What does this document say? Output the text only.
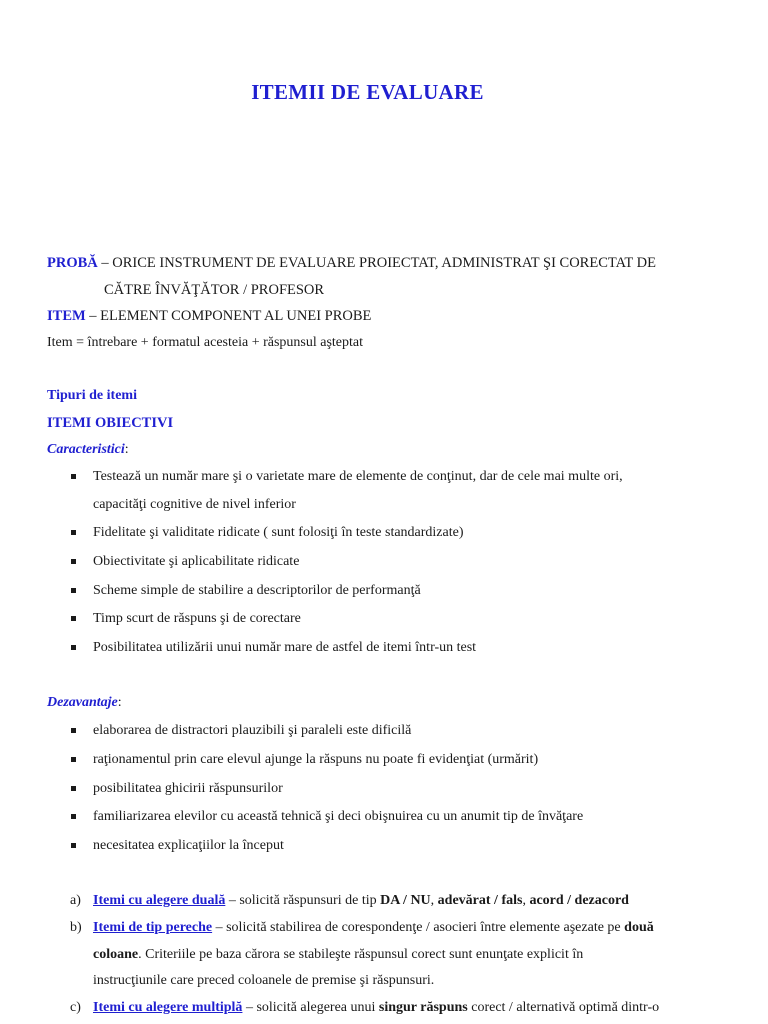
ITEMII DE EVALUARE
PROBĂ – ORICE INSTRUMENT DE EVALUARE PROIECTAT, ADMINISTRAT ŞI CORECTAT DE
CĂTRE ÎNVĂŢĂTOR / PROFESOR
ITEM – ELEMENT COMPONENT AL UNEI PROBE
Item = întrebare + formatul acesteia + răspunsul aşteptat
Tipuri de itemi
ITEMI OBIECTIVI
Caracteristici:
Testează un număr mare şi o varietate mare de elemente de conţinut, dar de cele mai multe ori,
capacităţi cognitive de nivel inferior
Fidelitate şi validitate ridicate ( sunt folosiţi în teste standardizate)
Obiectivitate şi aplicabilitate ridicate
Scheme simple de stabilire a descriptorilor de performanţă
Timp scurt de răspuns şi de corectare
Posibilitatea utilizării unui număr mare de astfel de itemi într-un test
Dezavantaje:
elaborarea de distractori plauzibili şi paraleli este dificilă
raţionamentul prin care elevul ajunge la răspuns nu poate fi evidenţiat (urmărit)
posibilitatea ghicirii răspunsurilor
familiarizarea elevilor cu această tehnică şi deci obişnuirea cu un anumit tip de învăţare
necesitatea explicaţiilor la început
a) Itemi cu alegere duală – solicită răspunsuri de tip DA / NU, adevărat / fals, acord / dezacord
b) Itemi de tip pereche – solicită stabilirea de corespondenţe / asocieri între elemente aşezate pe două
coloane. Criteriile pe baza cărora se stabileşte răspunsul corect sunt enunţate explicit în
instrucţiunile care preced coloanele de premise şi răspunsuri.
c) Itemi cu alegere multiplă – solicită alegerea unui singur răspuns corect / alternativă optimă dintr-o
